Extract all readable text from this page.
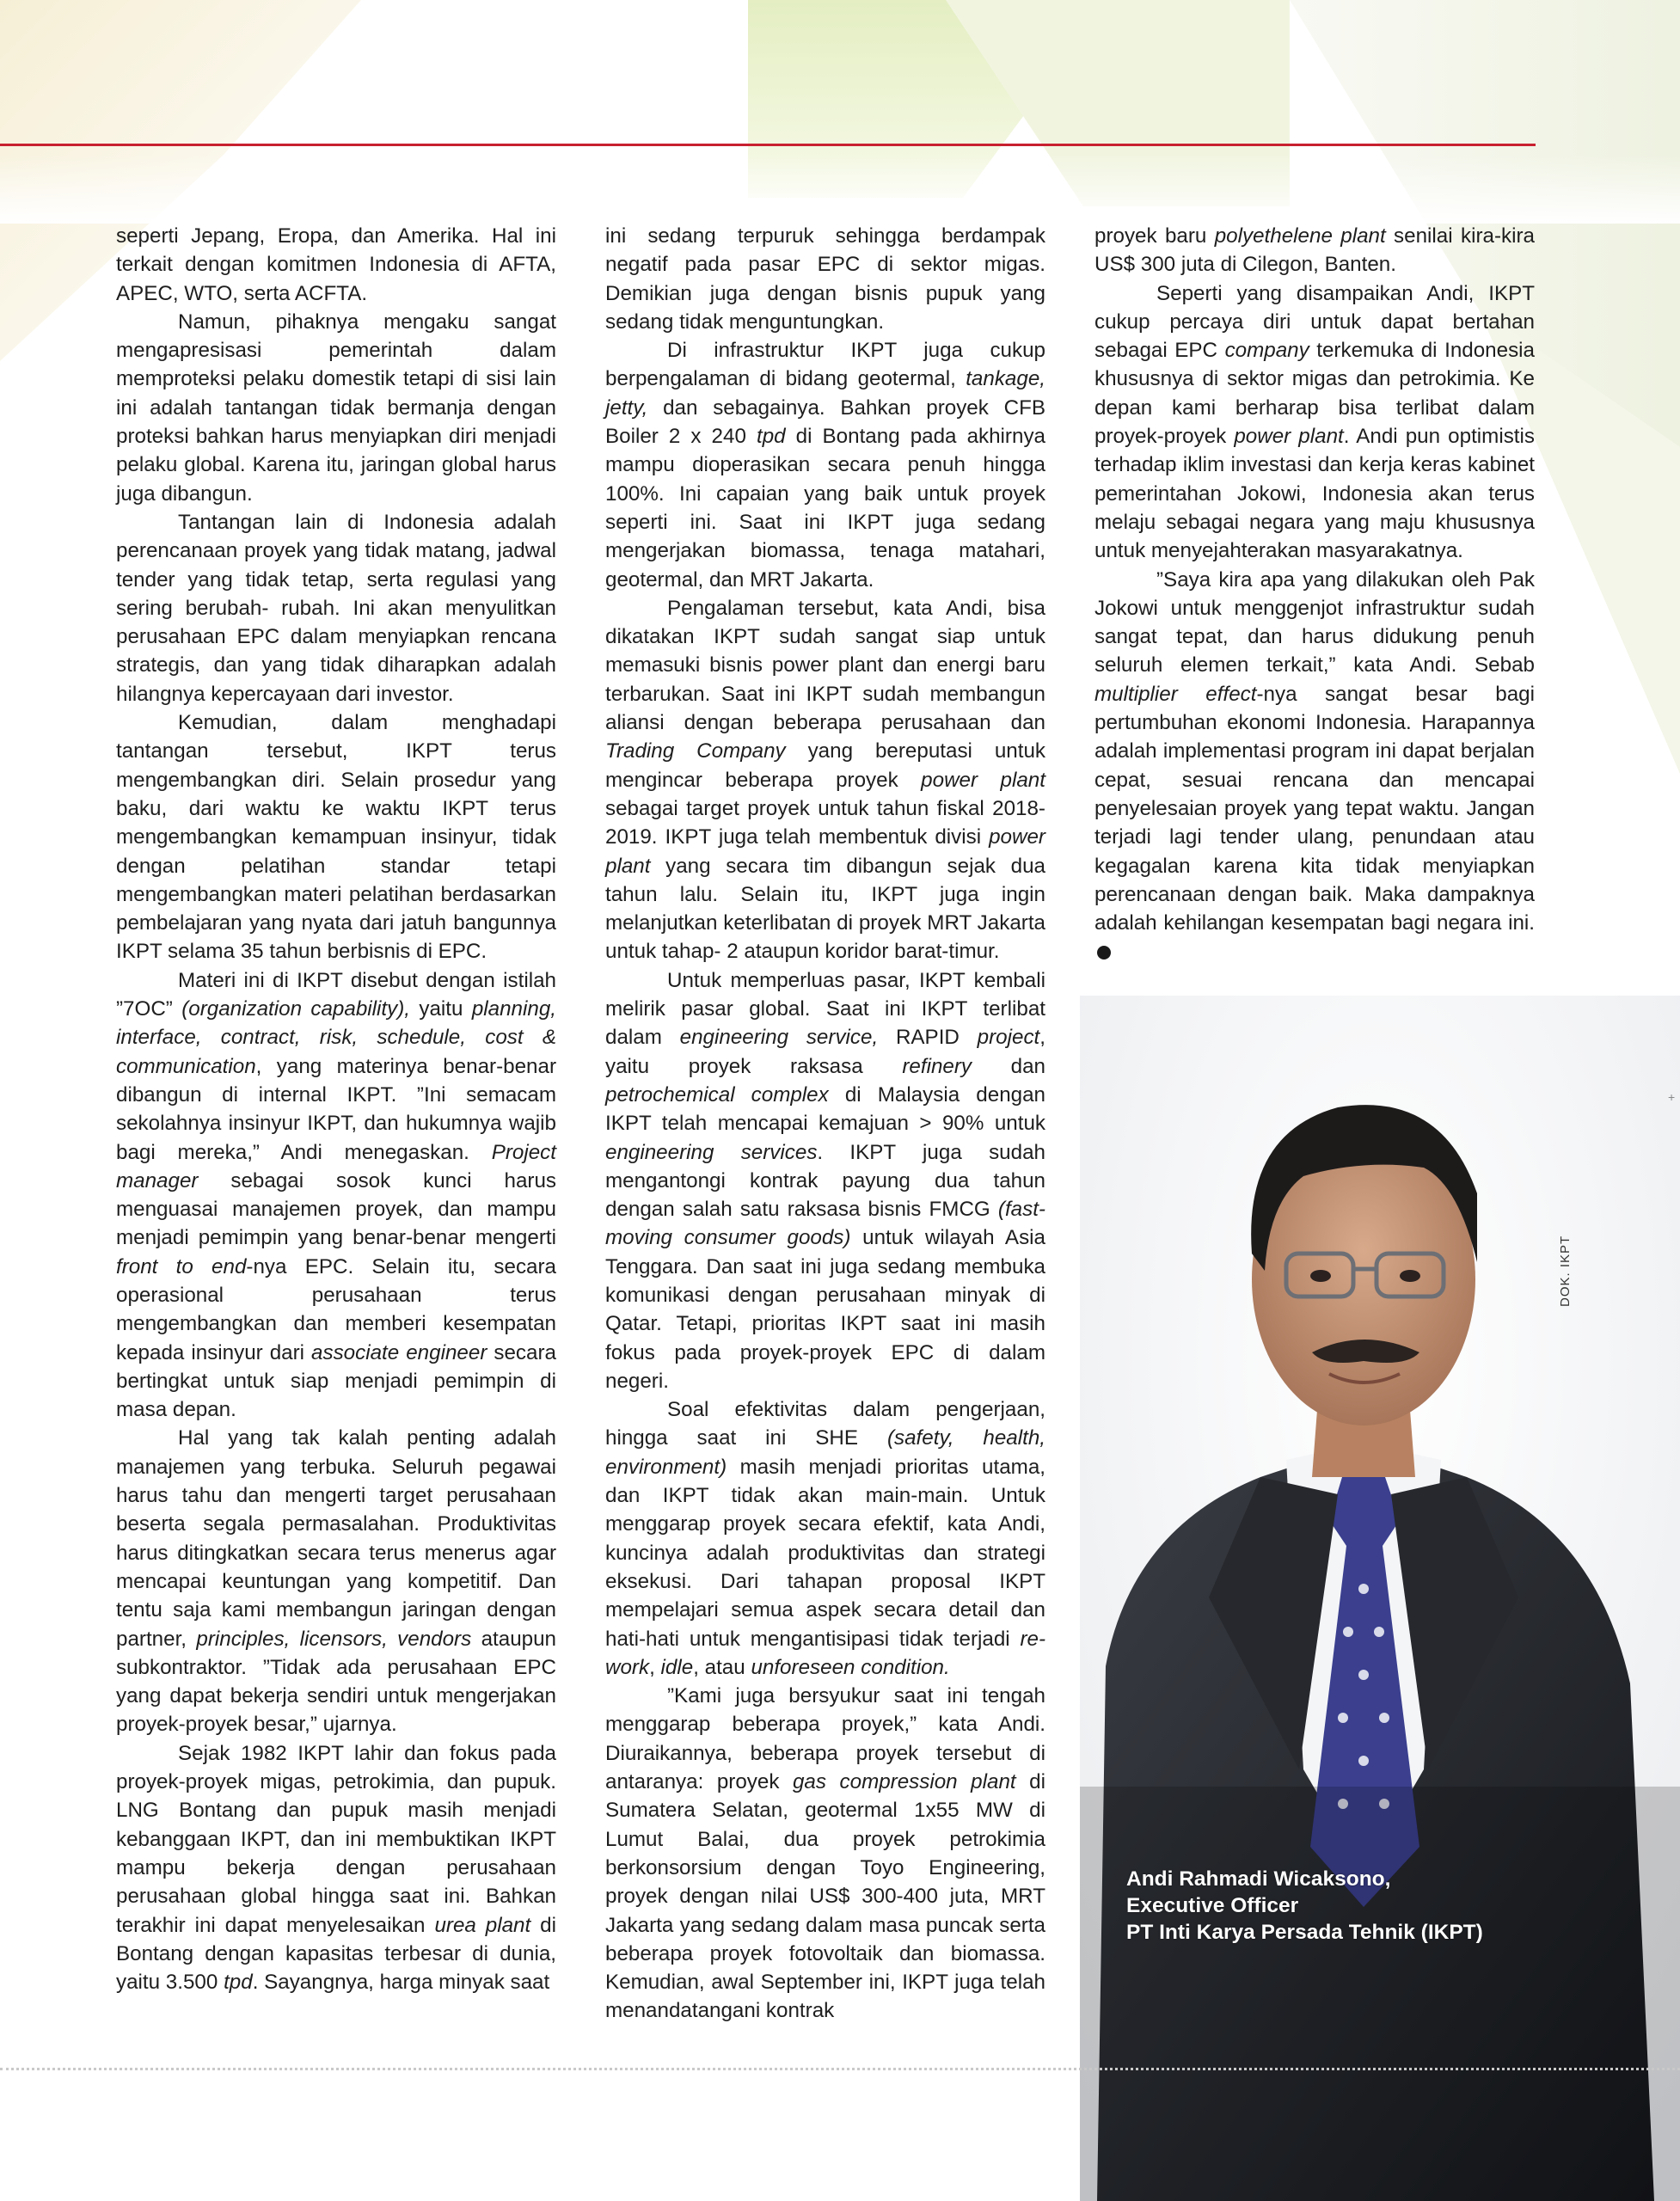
seperti Jepang, Eropa, dan Amerika. Hal ini terkait dengan komitmen Indonesia di AFTA, APEC, WTO, serta ACFTA.

Namun, pihaknya mengaku sangat mengapresisasi pemerintah dalam memproteksi pelaku domestik tetapi di sisi lain ini adalah tantangan tidak bermanja dengan proteksi bahkan harus menyiapkan diri menjadi pelaku global. Karena itu, jaringan global harus juga dibangun.

Tantangan lain di Indonesia adalah perencanaan proyek yang tidak matang, jadwal tender yang tidak tetap, serta regulasi yang sering berubah- rubah. Ini akan menyulitkan perusahaan EPC dalam menyiapkan rencana strategis, dan yang tidak diharapkan adalah hilangnya kepercayaan dari investor.

Kemudian, dalam menghadapi tantangan tersebut, IKPT terus mengembangkan diri. Selain prosedur yang baku, dari waktu ke waktu IKPT terus mengembangkan kemampuan insinyur, tidak dengan pelatihan standar tetapi mengembangkan materi pelatihan berdasarkan pembelajaran yang nyata dari jatuh bangunnya IKPT selama 35 tahun berbisnis di EPC.

Materi ini di IKPT disebut dengan istilah ”7OC” (organization capability), yaitu planning, interface, contract, risk, schedule, cost & communication, yang materinya benar-benar dibangun di internal IKPT. ”Ini semacam sekolahnya insinyur IKPT, dan hukumnya wajib bagi mereka,” Andi menegaskan. Project manager sebagai sosok kunci harus menguasai manajemen proyek, dan mampu menjadi pemimpin yang benar-benar mengerti front to end-nya EPC. Selain itu, secara operasional perusahaan terus mengembangkan dan memberi kesempatan kepada insinyur dari associate engineer secara bertingkat untuk siap menjadi pemimpin di masa depan.

Hal yang tak kalah penting adalah manajemen yang terbuka. Seluruh pegawai harus tahu dan mengerti target perusahaan beserta segala permasalahan. Produktivitas harus ditingkatkan secara terus menerus agar mencapai keuntungan yang kompetitif. Dan tentu saja kami membangun jaringan dengan partner, principles, licensors, vendors ataupun subkontraktor. ”Tidak ada perusahaan EPC yang dapat bekerja sendiri untuk mengerjakan proyek-proyek besar,” ujarnya.

Sejak 1982 IKPT lahir dan fokus pada proyek-proyek migas, petrokimia, dan pupuk. LNG Bontang dan pupuk masih menjadi kebanggaan IKPT, dan ini membuktikan IKPT mampu bekerja dengan perusahaan perusahaan global hingga saat ini. Bahkan terakhir ini dapat menyelesaikan urea plant di Bontang dengan kapasitas terbesar di dunia, yaitu 3.500 tpd. Sayangnya, harga minyak saat

ini sedang terpuruk sehingga berdampak negatif pada pasar EPC di sektor migas. Demikian juga dengan bisnis pupuk yang sedang tidak menguntungkan.

Di infrastruktur IKPT juga cukup berpengalaman di bidang geotermal, tankage, jetty, dan sebagainya. Bahkan proyek CFB Boiler 2 x 240 tpd di Bontang pada akhirnya mampu dioperasikan secara penuh hingga 100%. Ini capaian yang baik untuk proyek seperti ini. Saat ini IKPT juga sedang mengerjakan biomassa, tenaga matahari, geotermal, dan MRT Jakarta.

Pengalaman tersebut, kata Andi, bisa dikatakan IKPT sudah sangat siap untuk memasuki bisnis power plant dan energi baru terbarukan. Saat ini IKPT sudah membangun aliansi dengan beberapa perusahaan dan Trading Company yang bereputasi untuk mengincar beberapa proyek power plant sebagai target proyek untuk tahun fiskal 2018-2019. IKPT juga telah membentuk divisi power plant yang secara tim dibangun sejak dua tahun lalu. Selain itu, IKPT juga ingin melanjutkan keterlibatan di proyek MRT Jakarta untuk tahap- 2 ataupun koridor barat-timur.

Untuk memperluas pasar, IKPT kembali melirik pasar global. Saat ini IKPT terlibat dalam engineering service, RAPID project, yaitu proyek raksasa refinery dan petrochemical complex di Malaysia dengan IKPT telah mencapai kemajuan > 90% untuk engineering services. IKPT juga sudah mengantongi kontrak payung dua tahun dengan salah satu raksasa bisnis FMCG (fast-moving consumer goods) untuk wilayah Asia Tenggara. Dan saat ini juga sedang membuka komunikasi dengan perusahaan minyak di Qatar. Tetapi, prioritas IKPT saat ini masih fokus pada proyek-proyek EPC di dalam negeri.

Soal efektivitas dalam pengerjaan, hingga saat ini SHE (safety, health, environment) masih menjadi prioritas utama, dan IKPT tidak akan main-main. Untuk menggarap proyek secara efektif, kata Andi, kuncinya adalah produktivitas dan strategi eksekusi. Dari tahapan proposal IKPT mempelajari semua aspek secara detail dan hati-hati untuk mengantisipasi tidak terjadi re-work, idle, atau unforeseen condition.

”Kami juga bersyukur saat ini tengah menggarap beberapa proyek,” kata Andi. Diuraikannya, beberapa proyek tersebut di antaranya: proyek gas compression plant di Sumatera Selatan, geotermal 1x55 MW di Lumut Balai, dua proyek petrokimia berkonsorsium dengan Toyo Engineering, proyek dengan nilai US$ 300-400 juta, MRT Jakarta yang sedang dalam masa puncak serta beberapa proyek fotovoltaik dan biomassa. Kemudian, awal September ini, IKPT juga telah menandatangani kontrak

proyek baru polyethelene plant senilai kira-kira US$ 300 juta di Cilegon, Banten.

Seperti yang disampaikan Andi, IKPT cukup percaya diri untuk dapat bertahan sebagai EPC company terkemuka di Indonesia khususnya di sektor migas dan petrokimia. Ke depan kami berharap bisa terlibat dalam proyek-proyek power plant. Andi pun optimistis terhadap iklim investasi dan kerja keras kabinet pemerintahan Jokowi, Indonesia akan terus melaju sebagai negara yang maju khususnya untuk menyejahterakan masyarakatnya.

”Saya kira apa yang dilakukan oleh Pak Jokowi untuk menggenjot infrastruktur sudah sangat tepat, dan harus didukung penuh seluruh elemen terkait,” kata Andi. Sebab multiplier effect-nya sangat besar bagi pertumbuhan ekonomi Indonesia. Harapannya adalah implementasi program ini dapat berjalan cepat, sesuai rencana dan mencapai penyelesaian proyek yang tepat waktu. Jangan terjadi lagi tender ulang, penundaan atau kegagalan karena kita tidak menyiapkan perencanaan dengan baik. Maka dampaknya adalah kehilangan kesempatan bagi negara ini.

Andi Rahmadi Wicaksono,
Executive Officer
PT Inti Karya Persada Tehnik (IKPT)
DOK. IKPT
+
